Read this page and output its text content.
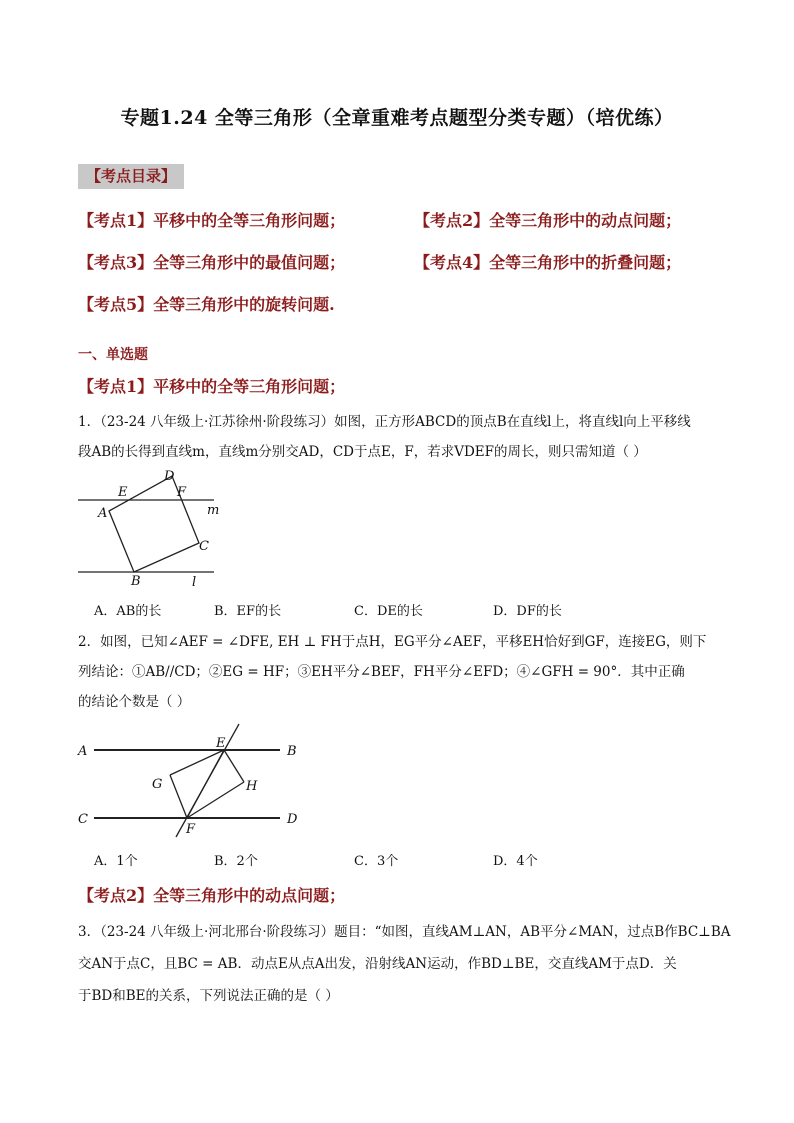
专题1.24 全等三角形（全章重难考点题型分类专题）（培优练）
【考点目录】
【考点1】平移中的全等三角形问题；	【考点2】全等三角形中的动点问题；
【考点3】全等三角形中的最值问题；	【考点4】全等三角形中的折叠问题；
【考点5】全等三角形中的旋转问题.
一、单选题
【考点1】平移中的全等三角形问题；
1．（23-24 八年级上·江苏徐州·阶段练习）如图，正方形ABCD的顶点B在直线l上，将直线l向上平移线
段AB的长得到直线m，直线m分别交AD，CD于点E，F，若求VDEF的周长，则只需知道（ ）
D
E	F
A	m
C
B	l
A．AB的长	B．EF的长	C．DE的长	D．DF的长
2．如图，已知∠AEF = ∠DFE, EH ⊥ FH于点H，EG平分∠AEF，平移EH恰好到GF，连接EG，则下
列结论：①AB//CD；②EG = HF；③EH平分∠BEF，FH平分∠EFD；④∠GFH = 90°．其中正确
的结论个数是（ ）
A
E
B
G	H
C
F
D
A．1个	B．2个	C．3个	D．4个
【考点2】全等三角形中的动点问题；
3．（23-24 八年级上·河北邢台·阶段练习）题目：“如图，直线AM⊥AN，AB平分∠MAN，过点B作BC⊥BA
交AN于点C，且BC = AB．动点E从点A出发，沿射线AN运动，作BD⊥BE，交直线AM于点D．关
于BD和BE的关系，下列说法正确的是（ ）
